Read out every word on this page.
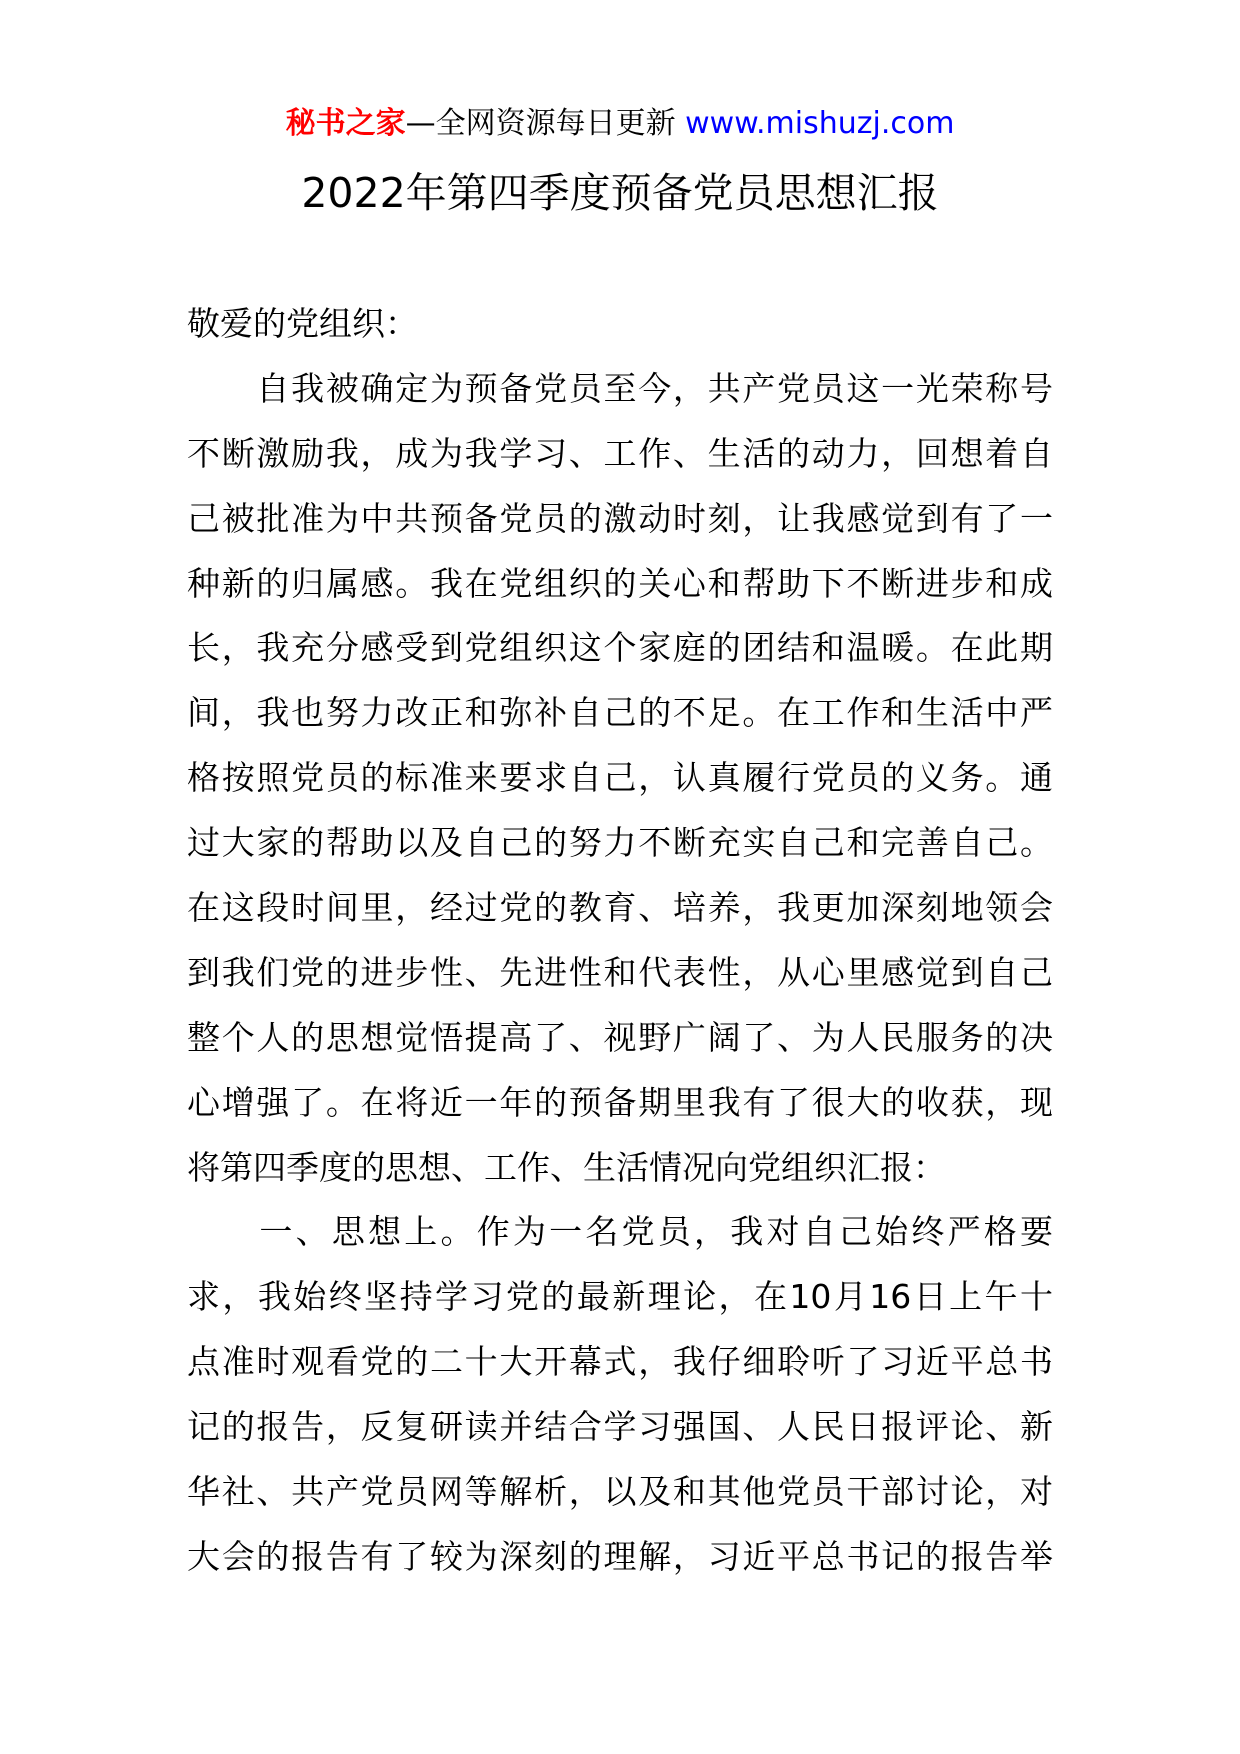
秘书之家—全网资源每日更新 www.mishuzj.com
2022年第四季度预备党员思想汇报
敬爱的党组织：
　　自我被确定为预备党员至今，共产党员这一光荣称号
不断激励我，成为我学习、工作、生活的动力，回想着自
己被批准为中共预备党员的激动时刻，让我感觉到有了一
种新的归属感。我在党组织的关心和帮助下不断进步和成
长，我充分感受到党组织这个家庭的团结和温暖。在此期
间，我也努力改正和弥补自己的不足。在工作和生活中严
格按照党员的标准来要求自己，认真履行党员的义务。通
过大家的帮助以及自己的努力不断充实自己和完善自己。
在这段时间里，经过党的教育、培养，我更加深刻地领会
到我们党的进步性、先进性和代表性，从心里感觉到自己
整个人的思想觉悟提高了、视野广阔了、为人民服务的决
心增强了。在将近一年的预备期里我有了很大的收获，现
将第四季度的思想、工作、生活情况向党组织汇报：
　　一、思想上。作为一名党员，我对自己始终严格要
求，我始终坚持学习党的最新理论，在10月16日上午十
点准时观看党的二十大开幕式，我仔细聆听了习近平总书
记的报告，反复研读并结合学习强国、人民日报评论、新
华社、共产党员网等解析，以及和其他党员干部讨论，对
大会的报告有了较为深刻的理解，习近平总书记的报告举
